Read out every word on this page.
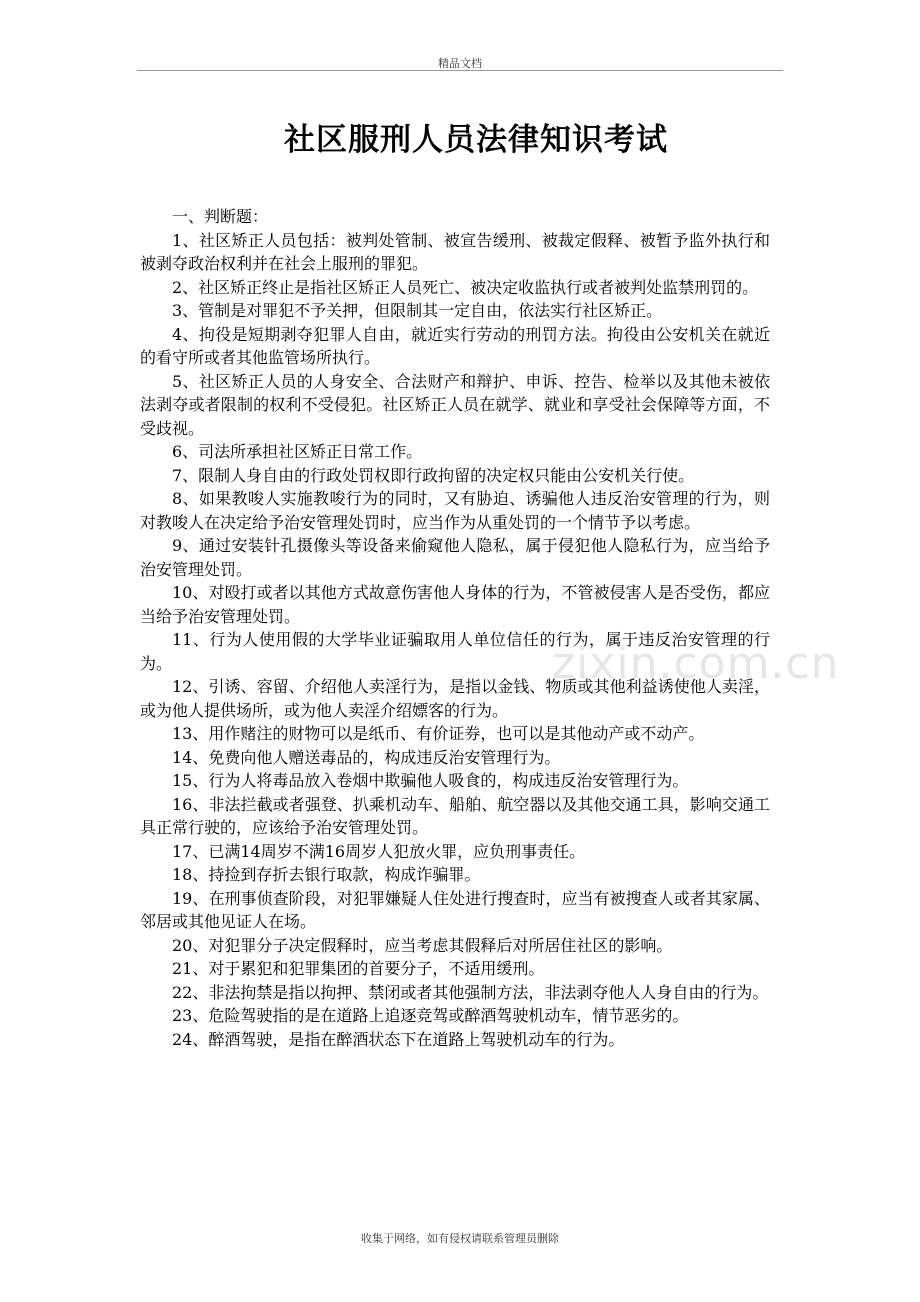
精品文档
社区服刑人员法律知识考试

一、判断题：

1、社区矫正人员包括：被判处管制、被宣告缓刑、被裁定假释、被暂予监外执行和被剥夺政治权利并在社会上服刑的罪犯。

2、社区矫正终止是指社区矫正人员死亡、被决定收监执行或者被判处监禁刑罚的。

3、管制是对罪犯不予关押，但限制其一定自由，依法实行社区矫正。

4、拘役是短期剥夺犯罪人自由，就近实行劳动的刑罚方法。拘役由公安机关在就近的看守所或者其他监管场所执行。

5、社区矫正人员的人身安全、合法财产和辩护、申诉、控告、检举以及其他未被依法剥夺或者限制的权利不受侵犯。社区矫正人员在就学、就业和享受社会保障等方面，不受歧视。

6、司法所承担社区矫正日常工作。

7、限制人身自由的行政处罚权即行政拘留的决定权只能由公安机关行使。

8、如果教唆人实施教唆行为的同时，又有胁迫、诱骗他人违反治安管理的行为，则对教唆人在决定给予治安管理处罚时，应当作为从重处罚的一个情节予以考虑。

9、通过安装针孔摄像头等设备来偷窥他人隐私，属于侵犯他人隐私行为，应当给予治安管理处罚。

10、对殴打或者以其他方式故意伤害他人身体的行为，不管被侵害人是否受伤，都应当给予治安管理处罚。

11、行为人使用假的大学毕业证骗取用人单位信任的行为，属于违反治安管理的行为。

12、引诱、容留、介绍他人卖淫行为，是指以金钱、物质或其他利益诱使他人卖淫，或为他人提供场所，或为他人卖淫介绍嫖客的行为。

13、用作赌注的财物可以是纸币、有价证券，也可以是其他动产或不动产。

14、免费向他人赠送毒品的，构成违反治安管理行为。

15、行为人将毒品放入卷烟中欺骗他人吸食的，构成违反治安管理行为。

16、非法拦截或者强登、扒乘机动车、船舶、航空器以及其他交通工具，影响交通工具正常行驶的，应该给予治安管理处罚。

17、已满14周岁不满16周岁人犯放火罪，应负刑事责任。

18、持捡到存折去银行取款，构成诈骗罪。

19、在刑事侦查阶段，对犯罪嫌疑人住处进行搜查时，应当有被搜查人或者其家属、邻居或其他见证人在场。

20、对犯罪分子决定假释时，应当考虑其假释后对所居住社区的影响。

21、对于累犯和犯罪集团的首要分子，不适用缓刑。

22、非法拘禁是指以拘押、禁闭或者其他强制方法，非法剥夺他人人身自由的行为。

23、危险驾驶指的是在道路上追逐竞驾或醉酒驾驶机动车，情节恶劣的。

24、醉酒驾驶，是指在醉酒状态下在道路上驾驶机动车的行为。

zixin.com.cn
收集于网络，如有侵权请联系管理员删除
